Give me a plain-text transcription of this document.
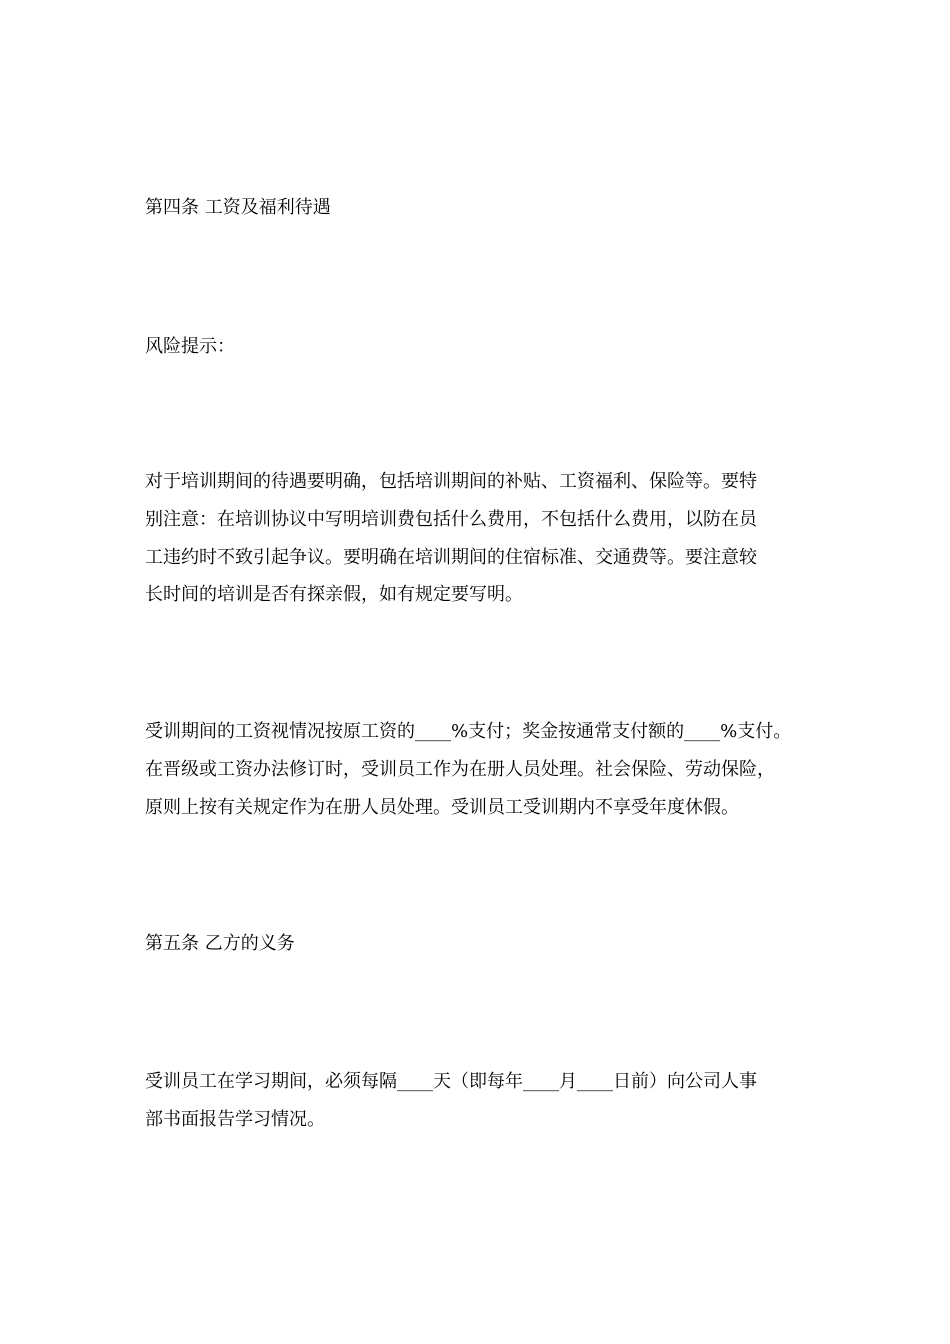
第四条 工资及福利待遇
风险提示：
对于培训期间的待遇要明确，包括培训期间的补贴、工资福利、保险等。要特
别注意：在培训协议中写明培训费包括什么费用，不包括什么费用，以防在员
工违约时不致引起争议。要明确在培训期间的住宿标准、交通费等。要注意较
长时间的培训是否有探亲假，如有规定要写明。
受训期间的工资视情况按原工资的____%支付；奖金按通常支付额的____%支付。
在晋级或工资办法修订时，受训员工作为在册人员处理。社会保险、劳动保险，
原则上按有关规定作为在册人员处理。受训员工受训期内不享受年度休假。
第五条 乙方的义务
受训员工在学习期间，必须每隔____天（即每年____月____日前）向公司人事
部书面报告学习情况。
